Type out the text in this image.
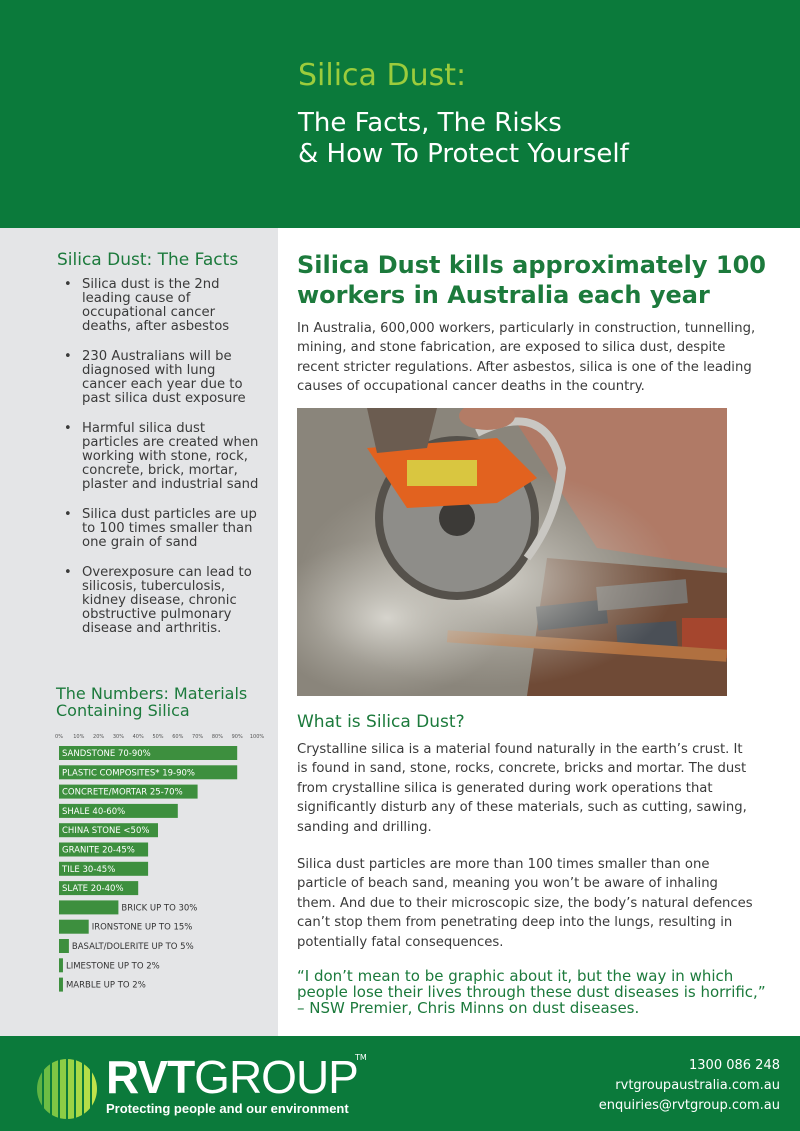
Silica Dust:
The Facts, The Risks
& How To Protect Yourself
Silica Dust: The Facts
• Silica dust is the 2nd leading cause of occupational cancer deaths, after asbestos
• 230 Australians will be diagnosed with lung cancer each year due to past silica dust exposure
• Harmful silica dust particles are created when working with stone, rock, concrete, brick, mortar, plaster and industrial sand
• Silica dust particles are up to 100 times smaller than one grain of sand
• Overexposure can lead to silicosis, tuberculosis, kidney disease, chronic obstructive pulmonary disease and arthritis.
The Numbers: Materials Containing Silica
0% 10% 20% 30% 40% 50% 60% 70% 80% 90% 100%
SANDSTONE 70-90%
PLASTIC COMPOSITES* 19-90%
CONCRETE/MORTAR 25-70%
SHALE 40-60%
CHINA STONE <50%
GRANITE 20-45%
TILE 30-45%
SLATE 20-40%
BRICK UP TO 30%
IRONSTONE UP TO 15%
BASALT/DOLERITE UP TO 5%
LIMESTONE UP TO 2%
MARBLE UP TO 2%
Silica Dust kills approximately 100 workers in Australia each year
In Australia, 600,000 workers, particularly in construction, tunnelling, mining, and stone fabrication, are exposed to silica dust, despite recent stricter regulations. After asbestos, silica is one of the leading causes of occupational cancer deaths in the country.
What is Silica Dust?
Crystalline silica is a material found naturally in the earth’s crust. It is found in sand, stone, rocks, concrete, bricks and mortar. The dust from crystalline silica is generated during work operations that significantly disturb any of these materials, such as cutting, sawing, sanding and drilling.
Silica dust particles are more than 100 times smaller than one particle of beach sand, meaning you won’t be aware of inhaling them. And due to their microscopic size, the body’s natural defences can’t stop them from penetrating deep into the lungs, resulting in potentially fatal consequences.
“I don’t mean to be graphic about it, but the way in which people lose their lives through these dust diseases is horrific,” – NSW Premier, Chris Minns on dust diseases.
RVTGROUP
TM
Protecting people and our environment
1300 086 248
rvtgroupaustralia.com.au
enquiries@rvtgroup.com.au
